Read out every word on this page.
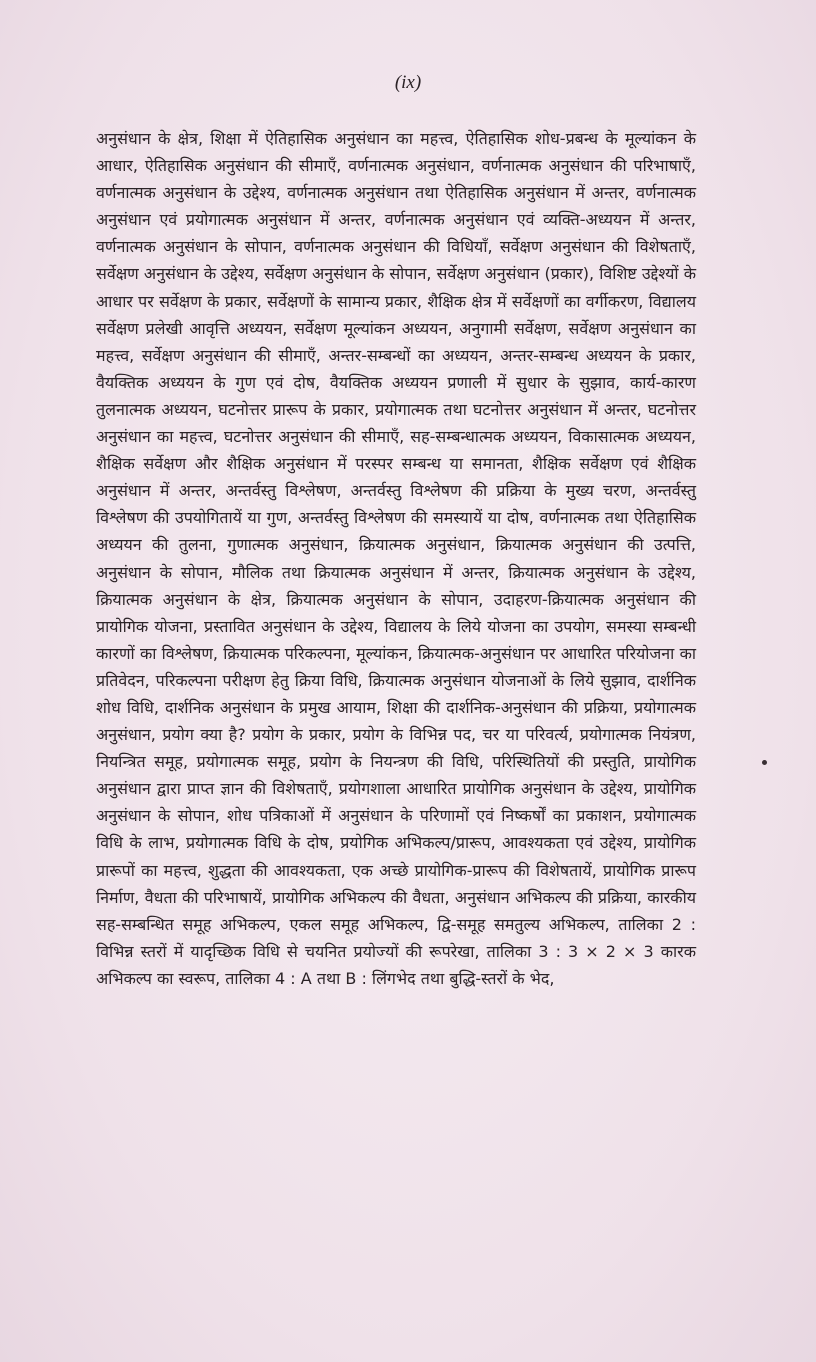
(ix)

अनुसंधान के क्षेत्र, शिक्षा में ऐतिहासिक अनुसंधान का महत्त्व, ऐतिहासिक शोध-प्रबन्ध के मूल्यांकन के आधार, ऐतिहासिक अनुसंधान की सीमाएँ, वर्णनात्मक अनुसंधान, वर्णनात्मक अनुसंधान की परिभाषाएँ, वर्णनात्मक अनुसंधान के उद्देश्य, वर्णनात्मक अनुसंधान तथा ऐतिहासिक अनुसंधान में अन्तर, वर्णनात्मक अनुसंधान एवं प्रयोगात्मक अनुसंधान में अन्तर, वर्णनात्मक अनुसंधान एवं व्यक्ति-अध्ययन में अन्तर, वर्णनात्मक अनुसंधान के सोपान, वर्णनात्मक अनुसंधान की विधियाँ, सर्वेक्षण अनुसंधान की विशेषताएँ, सर्वेक्षण अनुसंधान के उद्देश्य, सर्वेक्षण अनुसंधान के सोपान, सर्वेक्षण अनुसंधान (प्रकार), विशिष्ट उद्देश्यों के आधार पर सर्वेक्षण के प्रकार, सर्वेक्षणों के सामान्य प्रकार, शैक्षिक क्षेत्र में सर्वेक्षणों का वर्गीकरण, विद्यालय सर्वेक्षण प्रलेखी आवृत्ति अध्ययन, सर्वेक्षण मूल्यांकन अध्ययन, अनुगामी सर्वेक्षण, सर्वेक्षण अनुसंधान का महत्त्व, सर्वेक्षण अनुसंधान की सीमाएँ, अन्तर-सम्बन्धों का अध्ययन, अन्तर-सम्बन्ध अध्ययन के प्रकार, वैयक्तिक अध्ययन के गुण एवं दोष, वैयक्तिक अध्ययन प्रणाली में सुधार के सुझाव, कार्य-कारण तुलनात्मक अध्ययन, घटनोत्तर प्रारूप के प्रकार, प्रयोगात्मक तथा घटनोत्तर अनुसंधान में अन्तर, घटनोत्तर अनुसंधान का महत्त्व, घटनोत्तर अनुसंधान की सीमाएँ, सह-सम्बन्धात्मक अध्ययन, विकासात्मक अध्ययन, शैक्षिक सर्वेक्षण और शैक्षिक अनुसंधान में परस्पर सम्बन्ध या समानता, शैक्षिक सर्वेक्षण एवं शैक्षिक अनुसंधान में अन्तर, अन्तर्वस्तु विश्लेषण, अन्तर्वस्तु विश्लेषण की प्रक्रिया के मुख्य चरण, अन्तर्वस्तु विश्लेषण की उपयोगितायें या गुण, अन्तर्वस्तु विश्लेषण की समस्यायें या दोष, वर्णनात्मक तथा ऐतिहासिक अध्ययन की तुलना, गुणात्मक अनुसंधान, क्रियात्मक अनुसंधान, क्रियात्मक अनुसंधान की उत्पत्ति, अनुसंधान के सोपान, मौलिक तथा क्रियात्मक अनुसंधान में अन्तर, क्रियात्मक अनुसंधान के उद्देश्य, क्रियात्मक अनुसंधान के क्षेत्र, क्रियात्मक अनुसंधान के सोपान, उदाहरण-क्रियात्मक अनुसंधान की प्रायोगिक योजना, प्रस्तावित अनुसंधान के उद्देश्य, विद्यालय के लिये योजना का उपयोग, समस्या सम्बन्धी कारणों का विश्लेषण, क्रियात्मक परिकल्पना, मूल्यांकन, क्रियात्मक-अनुसंधान पर आधारित परियोजना का प्रतिवेदन, परिकल्पना परीक्षण हेतु क्रिया विधि, क्रियात्मक अनुसंधान योजनाओं के लिये सुझाव, दार्शनिक शोध विधि, दार्शनिक अनुसंधान के प्रमुख आयाम, शिक्षा की दार्शनिक-अनुसंधान की प्रक्रिया, प्रयोगात्मक अनुसंधान, प्रयोग क्या है? प्रयोग के प्रकार, प्रयोग के विभिन्न पद, चर या परिवर्त्य, प्रयोगात्मक नियंत्रण, नियन्त्रित समूह, प्रयोगात्मक समूह, प्रयोग के नियन्त्रण की विधि, परिस्थितियों की प्रस्तुति, प्रायोगिक अनुसंधान द्वारा प्राप्त ज्ञान की विशेषताएँ, प्रयोगशाला आधारित प्रायोगिक अनुसंधान के उद्देश्य, प्रायोगिक अनुसंधान के सोपान, शोध पत्रिकाओं में अनुसंधान के परिणामों एवं निष्कर्षों का प्रकाशन, प्रयोगात्मक विधि के लाभ, प्रयोगात्मक विधि के दोष, प्रयोगिक अभिकल्प/प्रारूप, आवश्यकता एवं उद्देश्य, प्रायोगिक प्रारूपों का महत्त्व, शुद्धता की आवश्यकता, एक अच्छे प्रायोगिक-प्रारूप की विशेषतायें, प्रायोगिक प्रारूप निर्माण, वैधता की परिभाषायें, प्रायोगिक अभिकल्प की वैधता, अनुसंधान अभिकल्प की प्रक्रिया, कारकीय सह-सम्बन्धित समूह अभिकल्प, एकल समूह अभिकल्प, द्वि-समूह समतुल्य अभिकल्प, तालिका 2 : विभिन्न स्तरों में यादृच्छिक विधि से चयनित प्रयोज्यों की रूपरेखा, तालिका 3 : 3 × 2 × 3 कारक अभिकल्प का स्वरूप, तालिका 4 : A तथा B : लिंगभेद तथा बुद्धि-स्तरों के भेद,
